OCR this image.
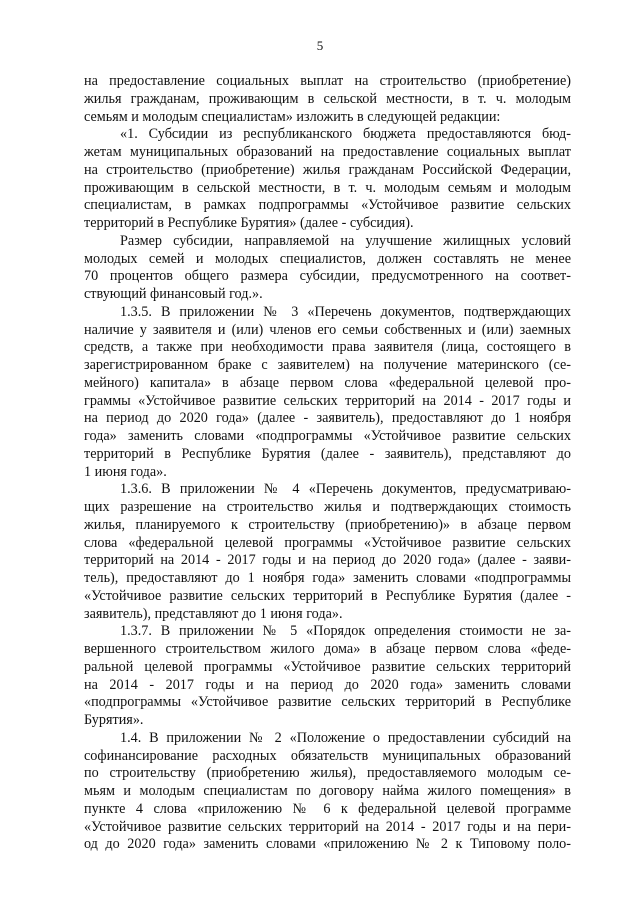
5
на предоставление социальных выплат на строительство (приобретение)
жилья гражданам, проживающим в сельской местности, в т. ч. молодым
семьям и молодым специалистам» изложить в следующей редакции:
«1. Субсидии из республиканского бюджета предоставляются бюд-
жетам муниципальных образований на предоставление социальных выплат
на строительство (приобретение) жилья гражданам Российской Федерации,
проживающим в сельской местности, в т. ч. молодым семьям и молодым
специалистам, в рамках подпрограммы «Устойчивое развитие сельских
территорий в Республике Бурятия» (далее - субсидия).
Размер субсидии, направляемой на улучшение жилищных условий
молодых семей и молодых специалистов, должен составлять не менее
70 процентов общего размера субсидии, предусмотренного на соответ-
ствующий финансовый год.».
1.3.5. В приложении № 3 «Перечень документов, подтверждающих
наличие у заявителя и (или) членов его семьи собственных и (или) заемных
средств, а также при необходимости права заявителя (лица, состоящего в
зарегистрированном браке с заявителем) на получение материнского (се-
мейного) капитала» в абзаце первом слова «федеральной целевой про-
граммы «Устойчивое развитие сельских территорий на 2014 - 2017 годы и
на период до 2020 года» (далее - заявитель), предоставляют до 1 ноября
года» заменить словами «подпрограммы «Устойчивое развитие сельских
территорий в Республике Бурятия (далее - заявитель), представляют до
1 июня года».
1.3.6. В приложении № 4 «Перечень документов, предусматриваю-
щих разрешение на строительство жилья и подтверждающих стоимость
жилья, планируемого к строительству (приобретению)» в абзаце первом
слова «федеральной целевой программы «Устойчивое развитие сельских
территорий на 2014 - 2017 годы и на период до 2020 года» (далее - заяви-
тель), предоставляют до 1 ноября года» заменить словами «подпрограммы
«Устойчивое развитие сельских территорий в Республике Бурятия (далее -
заявитель), представляют до 1 июня года».
1.3.7. В приложении № 5 «Порядок определения стоимости не за-
вершенного строительством жилого дома» в абзаце первом слова «феде-
ральной целевой программы «Устойчивое развитие сельских территорий
на 2014 - 2017 годы и на период до 2020 года» заменить словами
«подпрограммы «Устойчивое развитие сельских территорий в Республике
Бурятия».
1.4. В приложении № 2 «Положение о предоставлении субсидий на
софинансирование расходных обязательств муниципальных образований
по строительству (приобретению жилья), предоставляемого молодым се-
мьям и молодым специалистам по договору найма жилого помещения» в
пункте 4 слова «приложению № 6 к федеральной целевой программе
«Устойчивое развитие сельских территорий на 2014 - 2017 годы и на пери-
од до 2020 года» заменить словами «приложению № 2 к Типовому поло-
